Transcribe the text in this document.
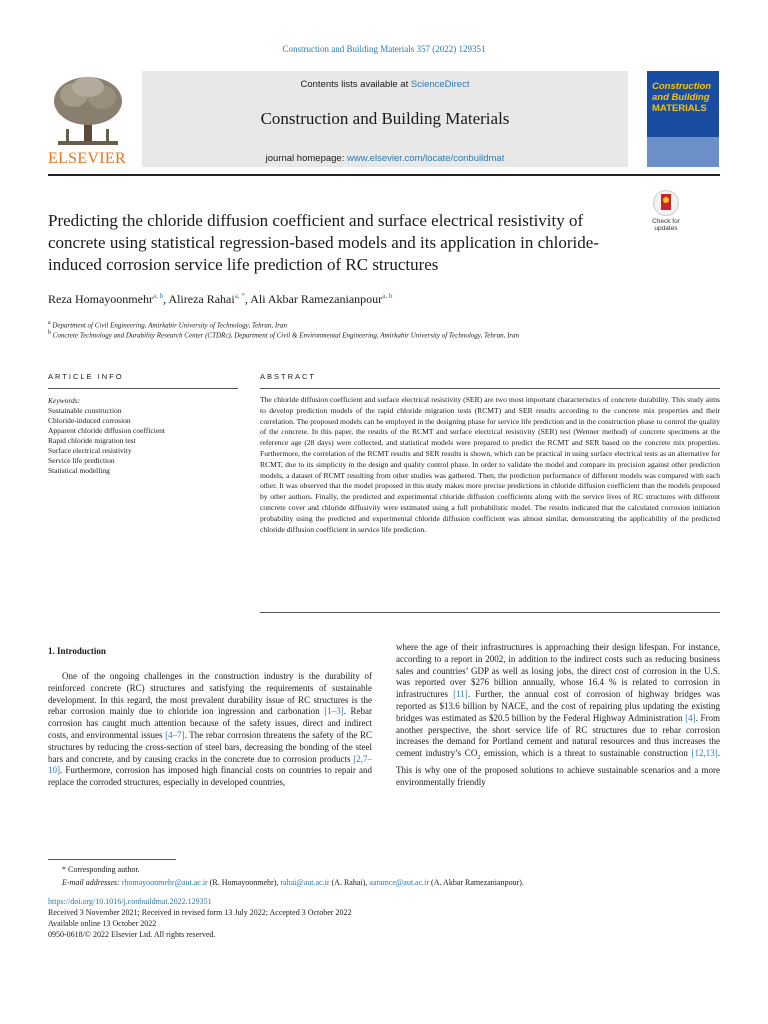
Construction and Building Materials 357 (2022) 129351
ELSEVIER
Contents lists available at ScienceDirect
Construction and Building Materials
journal homepage: www.elsevier.com/locate/conbuildmat
Construction
and Building
MATERIALS
Predicting the chloride diffusion coefficient and surface electrical resistivity of concrete using statistical regression-based models and its application in chloride-induced corrosion service life prediction of RC structures
Check for
updates
Reza Homayoonmehr$^{a, b}$, Alireza Rahai$^{a, *}$, Ali Akbar Ramezanianpour$^{a, b}$
$^a$ Department of Civil Engineering, Amirkabir University of Technology, Tehran, Iran
$^b$ Concrete Technology and Durability Research Center (CTDRc), Department of Civil & Environmental Engineering, Amirkabir University of Technology, Tehran, Iran
ARTICLE INFO	ABSTRACT
Keywords:
Sustainable construction
Chloride-induced corrosion
Apparent chloride diffusion coefficient
Rapid chloride migration test
Surface electrical resistivity
Service life prediction
Statistical modelling
The chloride diffusion coefficient and surface electrical resistivity (SER) are two most important characteristics of concrete durability. This study aims to develop prediction models of the rapid chloride migration tests (RCMT) and SER results according to the concrete mix properties and their correlation. The proposed models can be employed in the designing phase for service life prediction and in the construction phase to control the quality of the concrete. In this paper, the results of the RCMT and surface electrical resistivity (SER) test (Wenner method) of concrete specimens at the reference age (28 days) were collected, and statistical models were prepared to predict the RCMT and SER based on the concrete mix properties. Furthermore, the correlation of the RCMT results and SER results is shown, which can be practical in using surface electrical tests as an alternative for RCMT, due to its simplicity in the design and quality control phase. In order to validate the model and compare its precision against other prediction models, a dataset of RCMT resulting from other studies was gathered. Then, the prediction performance of different models was compared with each other. It was observed that the model proposed in this study makes more precise predictions in chloride diffusion coefficient than the models proposed by other authors. Finally, the predicted and experimental chloride diffusion coefficients along with the service lives of RC structures with different concrete cover and chloride diffusivity were estimated using a full probabilistic model. The results indicated that the calculated corrosion initiation probability using the predicted and experimental chloride diffusion coefficient was almost similar, demonstrating the applicability of the predicted chloride diffusion coefficient in service life prediction.
1. Introduction
One of the ongoing challenges in the construction industry is the durability of reinforced concrete (RC) structures and satisfying the requirements of sustainable development. In this regard, the most prevalent durability issue of RC structures is the rebar corrosion mainly due to chloride ion ingression and carbonation [1–3]. Rebar corrosion has caught much attention because of the safety issues, direct and indirect costs, and environmental issues [4–7]. The rebar corrosion threatens the safety of the RC structures by reducing the cross-section of steel bars, decreasing the bonding of the steel bars and concrete, and by causing cracks in the concrete due to corrosion products [2,7–10]. Furthermore, corrosion has imposed high financial costs on countries to repair and replace the corroded structures, especially in developed countries,
where the age of their infrastructures is approaching their design lifespan. For instance, according to a report in 2002, in addition to the indirect costs such as reducing business sales and countries’ GDP as well as losing jobs, the direct cost of corrosion in the U.S. was reported over $276 billion annually, whose 16.4 % is related to corrosion in infrastructures [11]. Further, the annual cost of corrosion of highway bridges was reported as $13.6 billion by NACE, and the cost of repairing plus updating the existing bridges was estimated as $20.5 billion by the Federal Highway Administration [4]. From another perspective, the short service life of RC structures due to rebar corrosion increases the demand for Portland cement and natural resources and thus increases the cement industry’s $CO_2$ emission, which is a threat to sustainable construction [12,13]. This is why one of the proposed solutions to achieve sustainable scenarios and a more environmentally friendly
* Corresponding author.
E-mail addresses: rhomayoonmehr@aut.ac.ir (R. Homayoonmehr), rahai@aut.ac.ir (A. Rahai), aaramce@aut.ac.ir (A. Akbar Ramezanianpour).
https://doi.org/10.1016/j.conbuildmat.2022.129351
Received 3 November 2021; Received in revised form 13 July 2022; Accepted 3 October 2022
Available online 13 October 2022
0950-0618/© 2022 Elsevier Ltd. All rights reserved.
